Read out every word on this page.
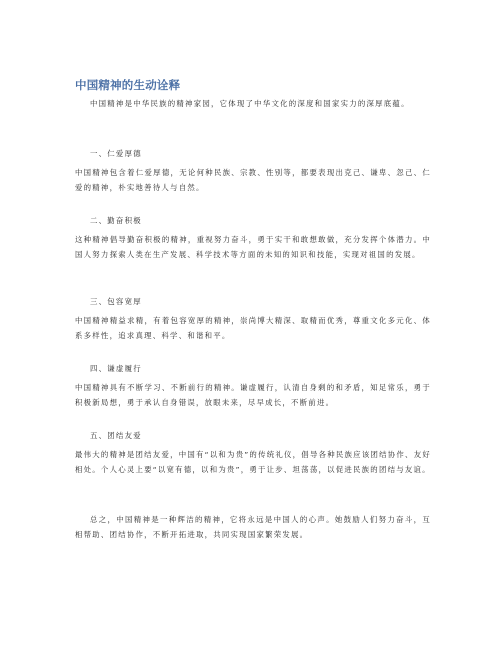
中国精神的生动诠释
中国精神是中华民族的精神家园，它体现了中华文化的深度和国家实力的深厚底蕴。
一、仁爱厚德
中国精神包含着仁爱厚德，无论何种民族、宗教、性别等，都要表现出克己、谦卑、忽己、仁爱的精神，朴实地善待人与自然。
二、勤奋积极
这种精神倡导勤奋积极的精神，重视努力奋斗，勇于实干和敢想敢做，充分发挥个体潜力。中国人努力探索人类在生产发展、科学技术等方面的未知的知识和技能，实现对祖国的发展。
三、包容宽厚
中国精神精益求精，有着包容宽厚的精神，崇尚博大精深、取精而优秀，尊重文化多元化、体系多样性，追求真理、科学、和谐和平。
四、谦虚履行
中国精神具有不断学习、不断前行的精神。谦虚履行，认清自身剩的和矛盾，知足常乐，勇于积极新局想，勇于承认自身错误，放眼未来，尽早成长，不断前进。
五、团结友爱
最伟大的精神是团结友爱，中国有“以和为贵”的传统礼仪，倡导各种民族应该团结协作、友好相处。个人心灵上要“以宽有德，以和为贵”，勇于让步、坦荡荡，以促进民族的团结与友谊。
总之，中国精神是一种辉洁的精神，它将永远是中国人的心声。她鼓励人们努力奋斗，互相帮助、团结协作，不断开拓进取，共同实现国家繁荣发展。
